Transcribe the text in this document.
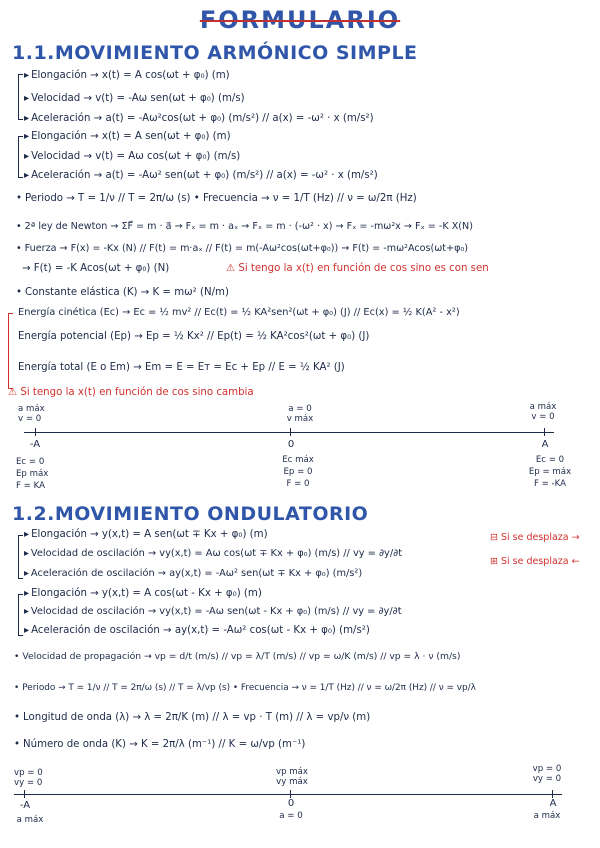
FORMULARIO
1.1.MOVIMIENTO ARMÓNICO SIMPLE
▸ Elongación → x(t) = A cos(ωt + φ₀) (m)
▸ Velocidad → v(t) = -Aω sen(ωt + φ₀) (m/s)
▸ Aceleración → a(t) = -Aω²cos(ωt + φ₀) (m/s²) // a(x) = -ω² · x (m/s²)
▸ Elongación → x(t) = A sen(ωt + φ₀) (m)
▸ Velocidad → v(t) = Aω cos(ωt + φ₀) (m/s)
▸ Aceleración → a(t) = -Aω² sen(ωt + φ₀) (m/s²) // a(x) = -ω² · x (m/s²)
• Periodo → T = 1/ν // T = 2π/ω (s) • Frecuencia → ν = 1/T (Hz) // ν = ω/2π (Hz)
• 2ª ley de Newton → ΣF⃗ = m · a⃗ → Fₓ = m · aₓ → Fₓ = m · (-ω² · x) → Fₓ = -mω²x → Fₓ = -K X(N)
• Fuerza → F(x) = -Kx (N) // F(t) = m·aₓ // F(t) = m(-Aω²cos(ωt+φ₀)) → F(t) = -mω²Acos(ωt+φ₀)
→ F(t) = -K Acos(ωt + φ₀) (N)	⚠ Si tengo la x(t) en función de cos sino es con sen
• Constante elástica (K) → K = mω² (N/m)
Energía cinética (Ec) → Ec = ½ mv² // Ec(t) = ½ KA²sen²(ωt + φ₀) (J) // Ec(x) = ½ K(A² - x²)
Energía potencial (Ep) → Ep = ½ Kx² // Ep(t) = ½ KA²cos²(ωt + φ₀) (J)
Energía total (E o Em) → Em = E = Eт = Ec + Ep // E = ½ KA² (J)
⚠ Si tengo la x(t) en función de cos sino cambia
a máx
v = 0
a = 0
v máx
a máx
v = 0
-A	0	A
Ec = 0
Ep máx
F = KA
Ec máx
Ep = 0
F = 0
Ec = 0
Ep = máx
F = -KA
1.2.MOVIMIENTO ONDULATORIO
▸ Elongación → y(x,t) = A sen(ωt ∓ Kx + φ₀) (m)
▸ Velocidad de oscilación → vy(x,t) = Aω cos(ωt ∓ Kx + φ₀) (m/s) // vy = ∂y/∂t
▸ Aceleración de oscilación → ay(x,t) = -Aω² sen(ωt ∓ Kx + φ₀) (m/s²)
⊟ Si se desplaza →
⊞ Si se desplaza ←
▸ Elongación → y(x,t) = A cos(ωt - Kx + φ₀) (m)
▸ Velocidad de oscilación → vy(x,t) = -Aω sen(ωt - Kx + φ₀) (m/s) // vy = ∂y/∂t
▸ Aceleración de oscilación → ay(x,t) = -Aω² cos(ωt - Kx + φ₀) (m/s²)
• Velocidad de propagación → vp = d/t (m/s) // vp = λ/T (m/s) // vp = ω/K (m/s) // vp = λ · ν (m/s)
• Periodo → T = 1/ν // T = 2π/ω (s) // T = λ/vp (s) • Frecuencia → ν = 1/T (Hz) // ν = ω/2π (Hz) // ν = vp/λ
• Longitud de onda (λ) → λ = 2π/K (m) // λ = vp · T (m) // λ = vp/ν (m)
• Número de onda (K) → K = 2π/λ (m⁻¹) // K = ω/vp (m⁻¹)
vp = 0
vy = 0
vp máx
vy máx
vp = 0
vy = 0
-A	0	A
a máx	a = 0	a máx
